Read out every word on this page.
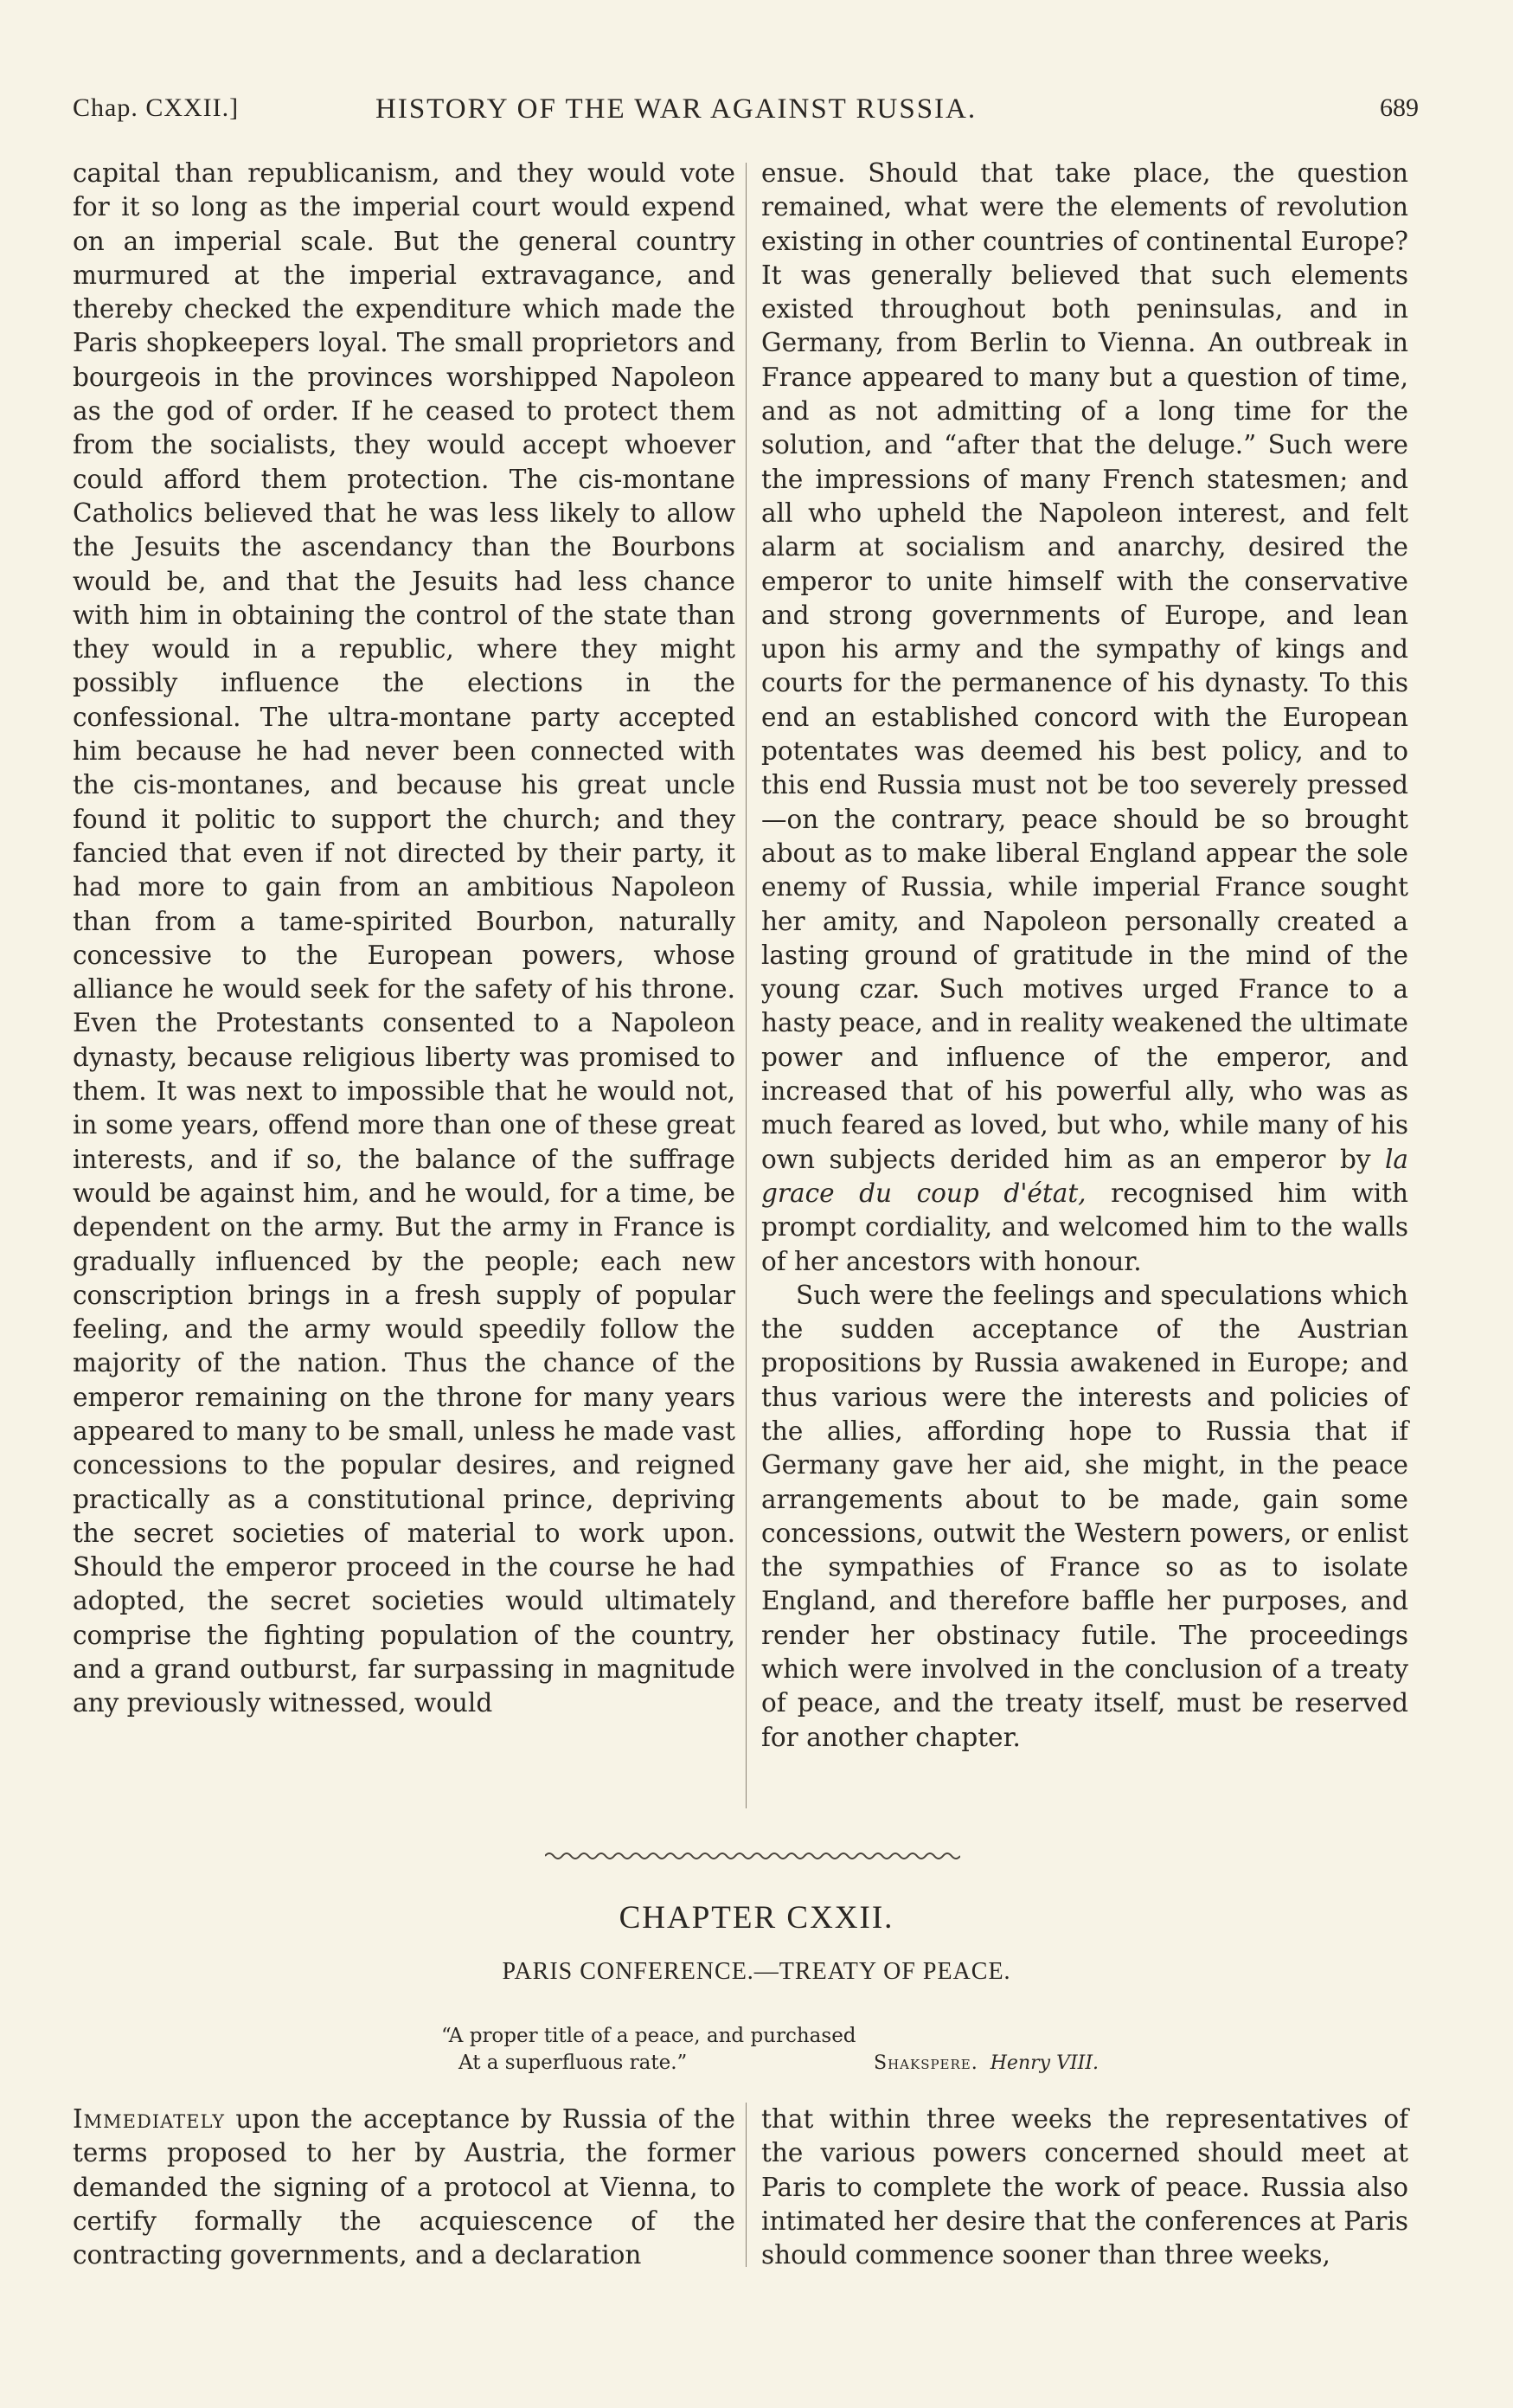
Chap. CXXII.]	HISTORY OF THE WAR AGAINST RUSSIA.	689

capital than republicanism, and they would vote for it so long as the imperial court would expend on an imperial scale. But the general country murmured at the imperial extravagance, and thereby checked the expenditure which made the Paris shopkeepers loyal. The small proprietors and bourgeois in the provinces worshipped Napoleon as the god of order. If he ceased to protect them from the socialists, they would accept whoever could afford them protection. The cis-montane Catholics believed that he was less likely to allow the Jesuits the ascendancy than the Bourbons would be, and that the Jesuits had less chance with him in obtaining the control of the state than they would in a republic, where they might possibly influence the elections in the confessional. The ultra-montane party accepted him because he had never been connected with the cis-montanes, and because his great uncle found it politic to support the church; and they fancied that even if not directed by their party, it had more to gain from an ambitious Napoleon than from a tame-spirited Bourbon, naturally concessive to the European powers, whose alliance he would seek for the safety of his throne. Even the Protestants consented to a Napoleon dynasty, because religious liberty was promised to them. It was next to impossible that he would not, in some years, offend more than one of these great interests, and if so, the balance of the suffrage would be against him, and he would, for a time, be dependent on the army. But the army in France is gradually influenced by the people; each new conscription brings in a fresh supply of popular feeling, and the army would speedily follow the majority of the nation. Thus the chance of the emperor remaining on the throne for many years appeared to many to be small, unless he made vast concessions to the popular desires, and reigned practically as a constitutional prince, depriving the secret societies of material to work upon. Should the emperor proceed in the course he had adopted, the secret societies would ultimately comprise the fighting population of the country, and a grand outburst, far surpassing in magnitude any previously witnessed, would

ensue. Should that take place, the question remained, what were the elements of revolution existing in other countries of continental Europe? It was generally believed that such elements existed throughout both peninsulas, and in Germany, from Berlin to Vienna. An outbreak in France appeared to many but a question of time, and as not admitting of a long time for the solution, and “after that the deluge.” Such were the impressions of many French statesmen; and all who upheld the Napoleon interest, and felt alarm at socialism and anarchy, desired the emperor to unite himself with the conservative and strong governments of Europe, and lean upon his army and the sympathy of kings and courts for the permanence of his dynasty. To this end an established concord with the European potentates was deemed his best policy, and to this end Russia must not be too severely pressed—on the contrary, peace should be so brought about as to make liberal England appear the sole enemy of Russia, while imperial France sought her amity, and Napoleon personally created a lasting ground of gratitude in the mind of the young czar. Such motives urged France to a hasty peace, and in reality weakened the ultimate power and influence of the emperor, and increased that of his powerful ally, who was as much feared as loved, but who, while many of his own subjects derided him as an emperor by la grace du coup d'état, recognised him with prompt cordiality, and welcomed him to the walls of her ancestors with honour.

Such were the feelings and speculations which the sudden acceptance of the Austrian propositions by Russia awakened in Europe; and thus various were the interests and policies of the allies, affording hope to Russia that if Germany gave her aid, she might, in the peace arrangements about to be made, gain some concessions, outwit the Western powers, or enlist the sympathies of France so as to isolate England, and therefore baffle her purposes, and render her obstinacy futile. The proceedings which were involved in the conclusion of a treaty of peace, and the treaty itself, must be reserved for another chapter.

CHAPTER CXXII.
PARIS CONFERENCE.—TREATY OF PEACE.
“A proper title of a peace, and purchased
At a superfluous rate.”	Shakspere. Henry VIII.

Immediately upon the acceptance by Russia of the terms proposed to her by Austria, the former demanded the signing of a protocol at Vienna, to certify formally the acquiescence of the contracting governments, and a declaration

that within three weeks the representatives of the various powers concerned should meet at Paris to complete the work of peace. Russia also intimated her desire that the conferences at Paris should commence sooner than three weeks,
